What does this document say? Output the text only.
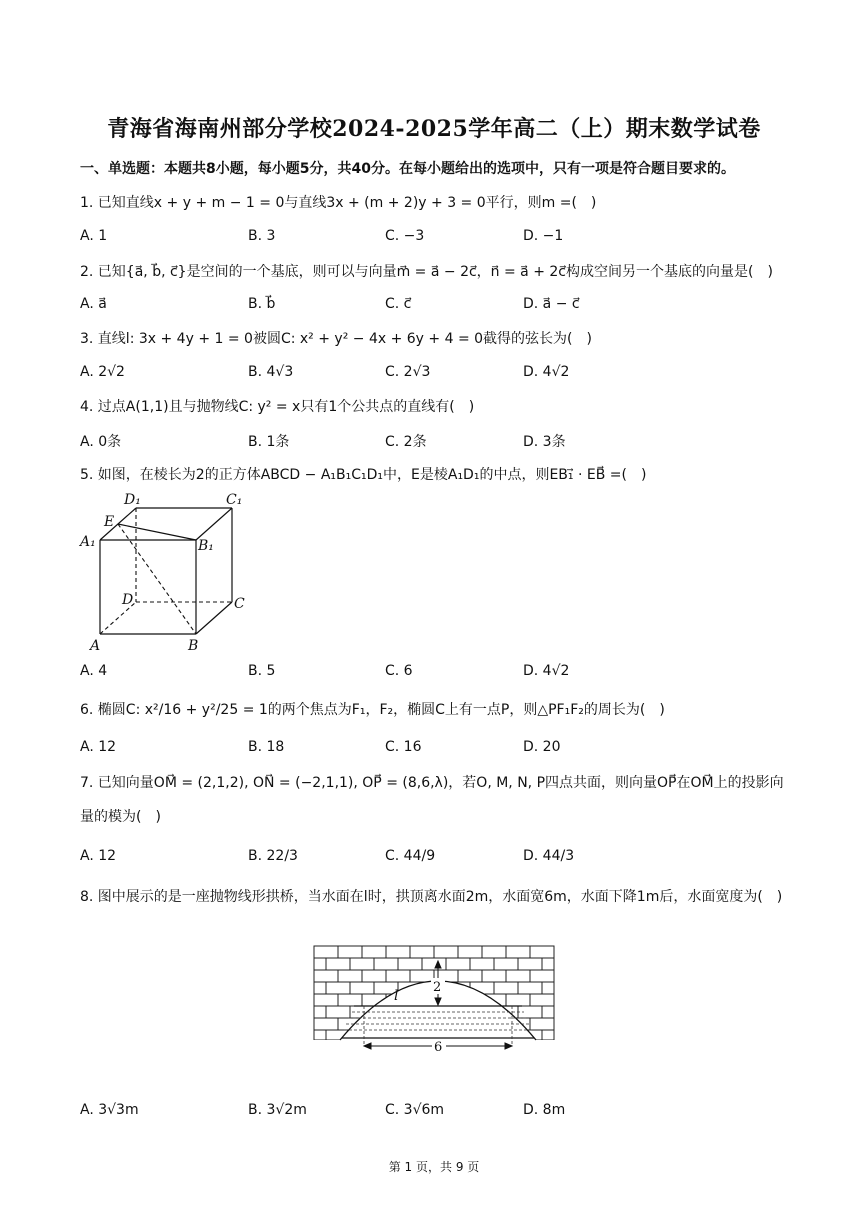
青海省海南州部分学校2024-2025学年高二（上）期末数学试卷
一、单选题：本题共8小题，每小题5分，共40分。在每小题给出的选项中，只有一项是符合题目要求的。
1. 已知直线x + y + m − 1 = 0与直线3x + (m + 2)y + 3 = 0平行，则m =(　)
A. 1	B. 3	C. −3	D. −1
2. 已知{a⃗, b⃗, c⃗}是空间的一个基底，则可以与向量m⃗ = a⃗ − 2c⃗，n⃗ = a⃗ + 2c⃗构成空间另一个基底的向量是(　)
A. a⃗	B. b⃗	C. c⃗	D. a⃗ − c⃗
3. 直线l: 3x + 4y + 1 = 0被圆C: x² + y² − 4x + 6y + 4 = 0截得的弦长为(　)
A. 2√2	B. 4√3	C. 2√3	D. 4√2
4. 过点A(1,1)且与抛物线C: y² = x只有1个公共点的直线有(　)
A. 0条	B. 1条	C. 2条	D. 3条
5. 如图，在棱长为2的正方体ABCD − A₁B₁C₁D₁中，E是棱A₁D₁的中点，则EB₁⃗ · EB⃗ =(　)
D₁	C₁
E
A₁	B₁
D	C
A	B
A. 4	B. 5	C. 6	D. 4√2
6. 椭圆C: x²/16 + y²/25 = 1的两个焦点为F₁，F₂，椭圆C上有一点P，则△PF₁F₂的周长为(　)
A. 12	B. 18	C. 16	D. 20
7. 已知向量OM⃗ = (2,1,2), ON⃗ = (−2,1,1), OP⃗ = (8,6,λ)，若O, M, N, P四点共面，则向量OP⃗在OM⃗上的投影向量的模为(　)
A. 12	B. 22/3	C. 44/9	D. 44/3
8. 图中展示的是一座抛物线形拱桥，当水面在l时，拱顶离水面2m，水面宽6m，水面下降1m后，水面宽度为(　)
2
l
6
A. 3√3m	B. 3√2m	C. 3√6m	D. 8m
第 1 页，共 9 页
